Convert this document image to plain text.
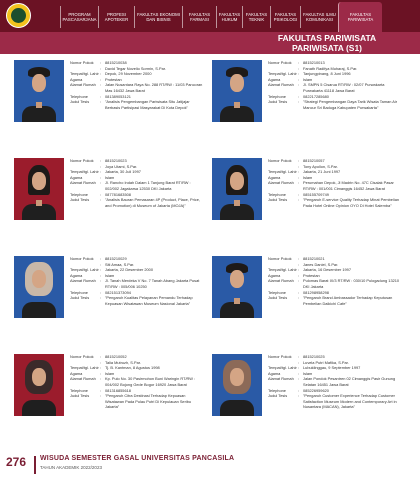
PROGRAM PASCASARJANA
PROFESI APOTEKER
FAKULTAS EKONOMI DAN BISNIS
FAKULTAS FARMASI
FAKULTAS HUKUM
FAKULTAS TEKNIK
FAKULTAS PSIKOLOGI
FAKULTAS ILMU KOMUNIKASI
FAKULTAS PARIWISATA
FAKULTAS PARIWISATA
PARIWISATA (S1)
Nomor Pokok	:	8815210038
:	David Tegar Novelio Sormin, S.Par.
Tempat/tgl. Lahir :	Depok, 29 November 2000
Agama	:	Protestan
Alamat Rumah	:	Jalan Nusantara Raya No. 288 RT/RW : 11/03 Pancoran Mas 16432 Jawa Barat
Telephone	:	081389053121
Judul Tesis	:	"Analisis Pengembangan Pariwisata Situ Jatijajar Berbasis Partisipasi Masyarakat Di Kota Depok"
Nomor Pokok	:	8815210013
:	Fanath Radifya Muharaj, S.Par.
Tempat/tgl. Lahir :	Tanjungpinang, 8 Juni 1996
Agama	:	Islam
Alamat Rumah	:	Jl. SMPN 5 Cisarua RT/RW : 02/07 Purwakarta Purwakarta 41118 Jawa Barat
Telephone	:	082217285680
Judul Tesis	:	"Strategi Pengembangan Daya Tarik Wisata Taman Air Mancur Sri Baduga Kabupaten Purwakarta"
Nomor Pokok	:	8815210023
:	Joya Utami, S.Par.
Tempat/tgl. Lahir :	Jakarta, 30 Juli 1997
Agama	:	Islam
Alamat Rumah	:	Jl. Rancho Indah Dalam 1 Tanjung Barat RT/RW : 002/002 Jagakarsa 12530 DKI Jakarta
Telephone	:	087781683508
Judul Tesis	:	"Analisis Bauran Pemasaran 4P (Product, Place, Price, and Promotion) di Museum of Jakarta (MOJA)"
Nomor Pokok	:	8815210057
:	Tony Apollon, S.Par.
Tempat/tgl. Lahir :	Jakarta, 21 Juni 1997
Agama	:	Islam
Alamat Rumah	:	Perumahan Depok, Jl Madrin No. 47C Cisalak Pasar RT/RW : 001/001 Cimanggis 16452 Jawa Barat
Telephone	:	085155709749
Judul Tesis	:	"Pengaruh E-service Quality Terhadap Minat Pembelian Pada Hotel Online Opinion OYO Di Hotel Salemba"
Nomor Pokok	:	8815210029
:	Siti Amaa, S.Par.
Tempat/tgl. Lahir :	Jakarta, 22 Desember 2000
Agama	:	Islam
Alamat Rumah	:	Jl. Tanah Merdeka V No. 7 Tanah Abang Jakarta Pusat RT/RW : 005/006 10250
Telephone	:	082151373094
Judul Tesis	:	"Pengaruh Kualitas Pelayanan Pemandu Terhadap Kepuasan Wisatawan Museum Nasional Jakarta"
Nomor Pokok	:	8815210021
:	Janes Daniel, S.Par.
Tempat/tgl. Lahir :	Jakarta, 16 Desember 1997
Agama	:	Protestan
Alamat Rumah	:	Pulomas Barat IX/3 RT/RW : 030/10 Pulogadung 13210 DKI Jakarta
Telephone	:	081298958298
Judul Tesis	:	"Pengaruh Brand Ambassador Terhadap Keputusan Pembelian Daikichi Cafe"
Nomor Pokok	:	8815210052
:	Talia Mutruzh, S.Par.
Tempat/tgl. Lahir :	Tj. B. Kantman, 8 Agustus 1998
Agama	:	Islam
Alamat Rumah	:	Kp. Pulo No. 30 Pasirmohon Buni Waringin RT/RW : 004/002 Bojong Gede Bogor 16920 Jawa Barat
Telephone	:	081316855618
Judul Tesis	:	"Pengaruh Citra Destinasi Terhadap Kepuasan Wisatawan Pada Pulau Putri Di Kepulauan Seribu Jakarta"
Nomor Pokok	:	8815210025
:	Luvela Putri Mafika, S.Par.
Tempat/tgl. Lahir :	Lubuklinggau, 9 September 1997
Agama	:	Islam
Alamat Rumah	:	Jalan Pondok Pesantren 02 Cimanggis Pasir Gunung Selatan 16451 Jawa Barat
Telephone	:	085226959620
Judul Tesis	:	"Pengaruh Customer Experience Terhadap Customer Satisfaction Museum Modern and Contemporary Art in Nusantara (MACAN), Jakarta"
276 WISUDA SEMESTER GASAL UNIVERSITAS PANCASILA
TAHUN AKADEMIK 2022/2023
